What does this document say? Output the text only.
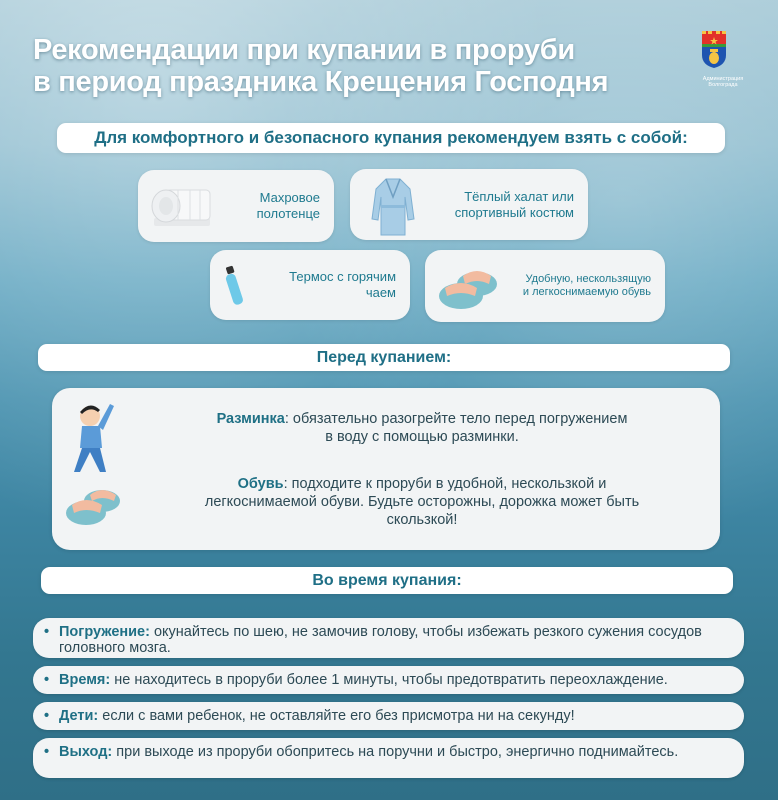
Рекомендации при купании в проруби
в период праздника Крещения Господня	Администрация
Волгограда
Для комфортного и безопасного купания рекомендуем взять с собой:
Махровое
полотенце
Тёплый халат или
спортивный костюм
Термос с горячим
чаем
Удобную, нескользящую
и легкоснимаемую обувь
Перед купанием:
Разминка: обязательно разогрейте тело перед погружением
в воду с помощью разминки.
Обувь: подходите к проруби в удобной, нескользкой и
легкоснимаемой обуви. Будьте осторожны, дорожка может быть
скользкой!
Во время купания:
• Погружение: окунайтесь по шею, не замочив голову, чтобы избежать резкого сужения сосудов головного мозга.
• Время: не находитесь в проруби более 1 минуты, чтобы предотвратить переохлаждение.
• Дети: если с вами ребенок, не оставляйте его без присмотра ни на секунду!
• Выход: при выходе из проруби обопритесь на поручни и быстро, энергично поднимайтесь.
